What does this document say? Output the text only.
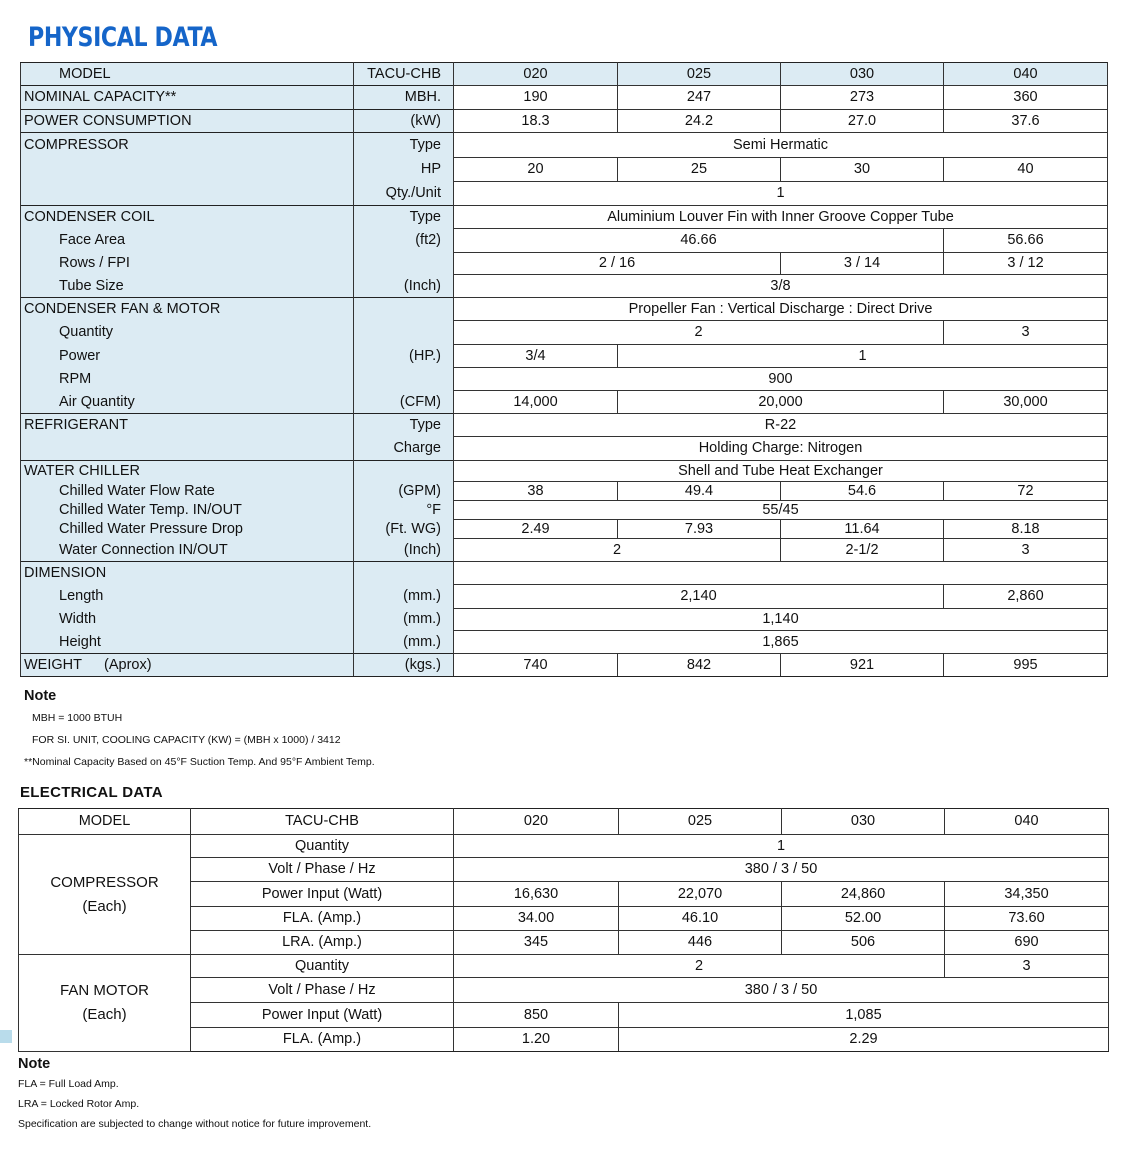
PHYSICAL DATA
MODEL	TACU-CHB	020	025	030	040
NOMINAL CAPACITY**	MBH.	190	247	273	360
POWER CONSUMPTION	(kW)	18.3	24.2	27.0	37.6
COMPRESSOR	Type	Semi Hermatic			
	HP	20	25	30	40
	Qty./Unit	1			
CONDENSER COIL	Type	Aluminium Louver Fin with Inner Groove Copper Tube			
Face Area	(ft2)	46.66			56.66
Rows / FPI		2 / 16		3 / 14	3 / 12
Tube Size	(Inch)	3/8			
CONDENSER FAN & MOTOR		Propeller Fan : Vertical Discharge : Direct Drive			
Quantity		2			3
Power	(HP.)	3/4	1		
RPM		900			
Air Quantity	(CFM)	14,000	20,000		30,000
REFRIGERANT	Type	R-22			
	Charge	Holding Charge: Nitrogen			
WATER CHILLER		Shell and Tube Heat Exchanger			
Chilled Water Flow Rate	(GPM)	38	49.4	54.6	72
Chilled Water Temp. IN/OUT	°F	55/45			
Chilled Water Pressure Drop	(Ft. WG)	2.49	7.93	11.64	8.18
Water Connection IN/OUT	(Inch)	2		2-1/2	3
DIMENSION					
Length	(mm.)	2,140			2,860
Width	(mm.)	1,140			
Height	(mm.)	1,865			
WEIGHT (Aprox)	(kgs.)	740	842	921	995

Note

MBH = 1000 BTUH

FOR SI. UNIT, COOLING CAPACITY (KW) = (MBH x 1000) / 3412

**Nominal Capacity Based on 45°F Suction Temp. And 95°F Ambient Temp.

ELECTRICAL DATA
MODEL	TACU-CHB	020	025	030	040
COMPRESSOR
(Each)	Quantity	1			
	Volt / Phase / Hz	380 / 3 / 50			
	Power Input (Watt)	16,630	22,070	24,860	34,350
	FLA. (Amp.)	34.00	46.10	52.00	73.60
	LRA. (Amp.)	345	446	506	690
FAN MOTOR
(Each)	Quantity	2			3
	Volt / Phase / Hz	380 / 3 / 50			
	Power Input (Watt)	850	1,085		
	FLA. (Amp.)	1.20	2.29		

Note

FLA = Full Load Amp.

LRA = Locked Rotor Amp.

Specification are subjected to change without notice for future improvement.
